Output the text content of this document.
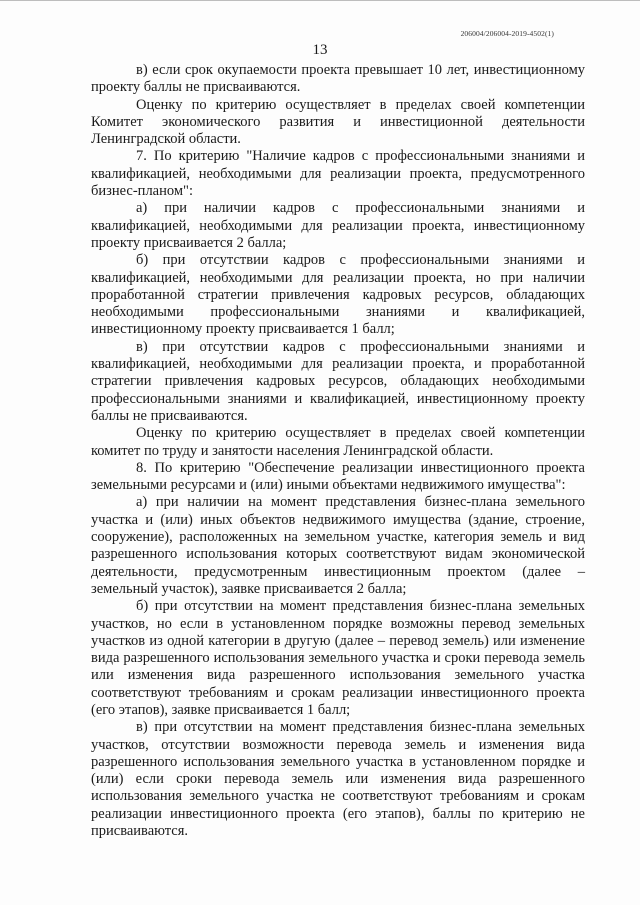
206004/206004-2019-4502(1)
13

в) если срок окупаемости проекта превышает 10 лет, инвестиционному проекту баллы не присваиваются.

Оценку по критерию осуществляет в пределах своей компетенции Комитет экономического развития и инвестиционной деятельности Ленинградской области.

7. По критерию "Наличие кадров с профессиональными знаниями и квалификацией, необходимыми для реализации проекта, предусмотренного бизнес-планом":

а) при наличии кадров с профессиональными знаниями и квалификацией, необходимыми для реализации проекта, инвестиционному проекту присваивается 2 балла;

б) при отсутствии кадров с профессиональными знаниями и квалификацией, необходимыми для реализации проекта, но при наличии проработанной стратегии привлечения кадровых ресурсов, обладающих необходимыми профессиональными знаниями и квалификацией, инвестиционному проекту присваивается 1 балл;

в) при отсутствии кадров с профессиональными знаниями и квалификацией, необходимыми для реализации проекта, и проработанной стратегии привлечения кадровых ресурсов, обладающих необходимыми профессиональными знаниями и квалификацией, инвестиционному проекту баллы не присваиваются.

Оценку по критерию осуществляет в пределах своей компетенции комитет по труду и занятости населения Ленинградской области.

8. По критерию "Обеспечение реализации инвестиционного проекта земельными ресурсами и (или) иными объектами недвижимого имущества":

а) при наличии на момент представления бизнес-плана земельного участка и (или) иных объектов недвижимого имущества (здание, строение, сооружение), расположенных на земельном участке, категория земель и вид разрешенного использования которых соответствуют видам экономической деятельности, предусмотренным инвестиционным проектом (далее – земельный участок), заявке присваивается 2 балла;

б) при отсутствии на момент представления бизнес-плана земельных участков, но если в установленном порядке возможны перевод земельных участков из одной категории в другую (далее – перевод земель) или изменение вида разрешенного использования земельного участка и сроки перевода земель или изменения вида разрешенного использования земельного участка соответствуют требованиям и срокам реализации инвестиционного проекта (его этапов), заявке присваивается 1 балл;

в) при отсутствии на момент представления бизнес-плана земельных участков, отсутствии возможности перевода земель и изменения вида разрешенного использования земельного участка в установленном порядке и (или) если сроки перевода земель или изменения вида разрешенного использования земельного участка не соответствуют требованиям и срокам реализации инвестиционного проекта (его этапов), баллы по критерию не присваиваются.
